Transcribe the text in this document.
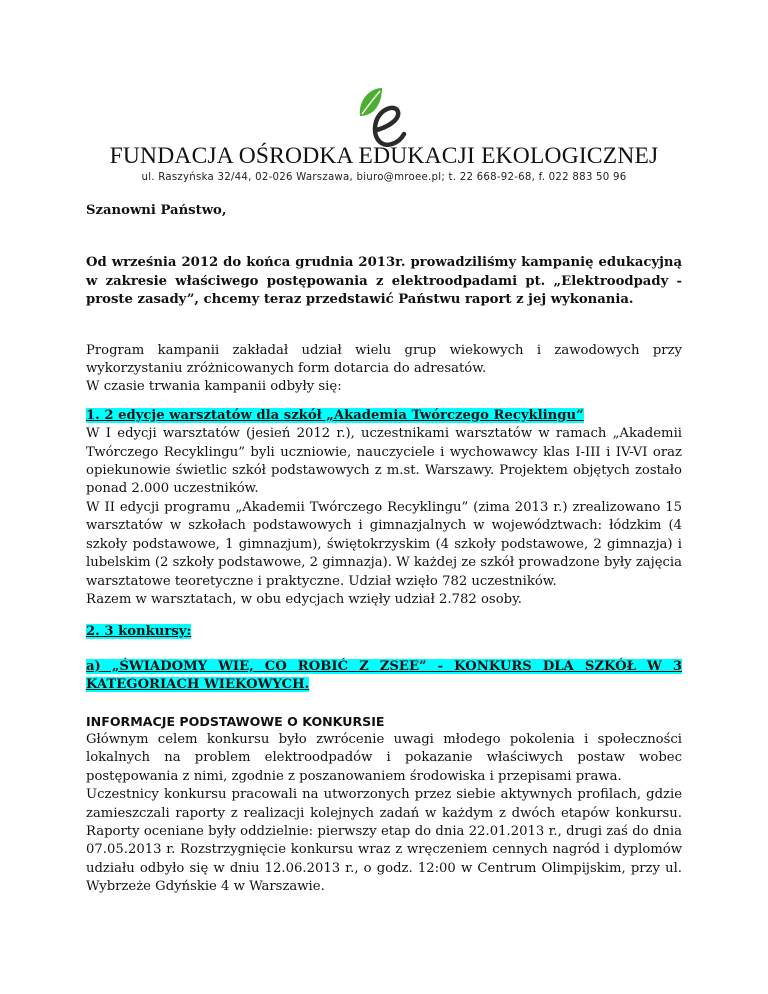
FUNDACJA OŚRODKA EDUKACJI EKOLOGICZNEJ
ul. Raszyńska 32/44, 02-026 Warszawa, biuro@mroee.pl; t. 22 668-92-68, f. 022 883 50 96

Szanowni Państwo,

Od września 2012 do końca grudnia 2013r. prowadziliśmy kampanię edukacyjną w zakresie właściwego postępowania z elektroodpadami pt. „Elektroodpady - proste zasady”, chcemy teraz przedstawić Państwu raport z jej wykonania.

Program kampanii zakładał udział wielu grup wiekowych i zawodowych przy wykorzystaniu zróżnicowanych form dotarcia do adresatów.

W czasie trwania kampanii odbyły się:

1. 2 edycje warsztatów dla szkół „Akademia Twórczego Recyklingu”

W I edycji warsztatów (jesień 2012 r.), uczestnikami warsztatów w ramach „Akademii Twórczego Recyklingu” byli uczniowie, nauczyciele i wychowawcy klas I-III i IV-VI oraz opiekunowie świetlic szkół podstawowych z m.st. Warszawy. Projektem objętych zostało ponad 2.000 uczestników.

W II edycji programu „Akademii Twórczego Recyklingu” (zima 2013 r.) zrealizowano 15 warsztatów w szkołach podstawowych i gimnazjalnych w województwach: łódzkim (4 szkoły podstawowe, 1 gimnazjum), świętokrzyskim (4 szkoły podstawowe, 2 gimnazja) i lubelskim (2 szkoły podstawowe, 2 gimnazja). W każdej ze szkół prowadzone były zajęcia warsztatowe teoretyczne i praktyczne. Udział wzięło 782 uczestników.

Razem w warsztatach, w obu edycjach wzięły udział 2.782 osoby.

2. 3 konkursy:

a) „ŚWIADOMY WIE, CO ROBIĆ Z ZSEE” - KONKURS DLA SZKÓŁ W 3 KATEGORIACH WIEKOWYCH.

INFORMACJE PODSTAWOWE O KONKURSIE

Głównym celem konkursu było zwrócenie uwagi młodego pokolenia i społeczności lokalnych na problem elektroodpadów i pokazanie właściwych postaw wobec postępowania z nimi, zgodnie z poszanowaniem środowiska i przepisami prawa.

Uczestnicy konkursu pracowali na utworzonych przez siebie aktywnych profilach, gdzie zamieszczali raporty z realizacji kolejnych zadań w każdym z dwóch etapów konkursu. Raporty oceniane były oddzielnie: pierwszy etap do dnia 22.01.2013 r., drugi zaś do dnia 07.05.2013 r. Rozstrzygnięcie konkursu wraz z wręczeniem cennych nagród i dyplomów udziału odbyło się w dniu 12.06.2013 r., o godz. 12:00 w Centrum Olimpijskim, przy ul. Wybrzeże Gdyńskie 4 w Warszawie.
